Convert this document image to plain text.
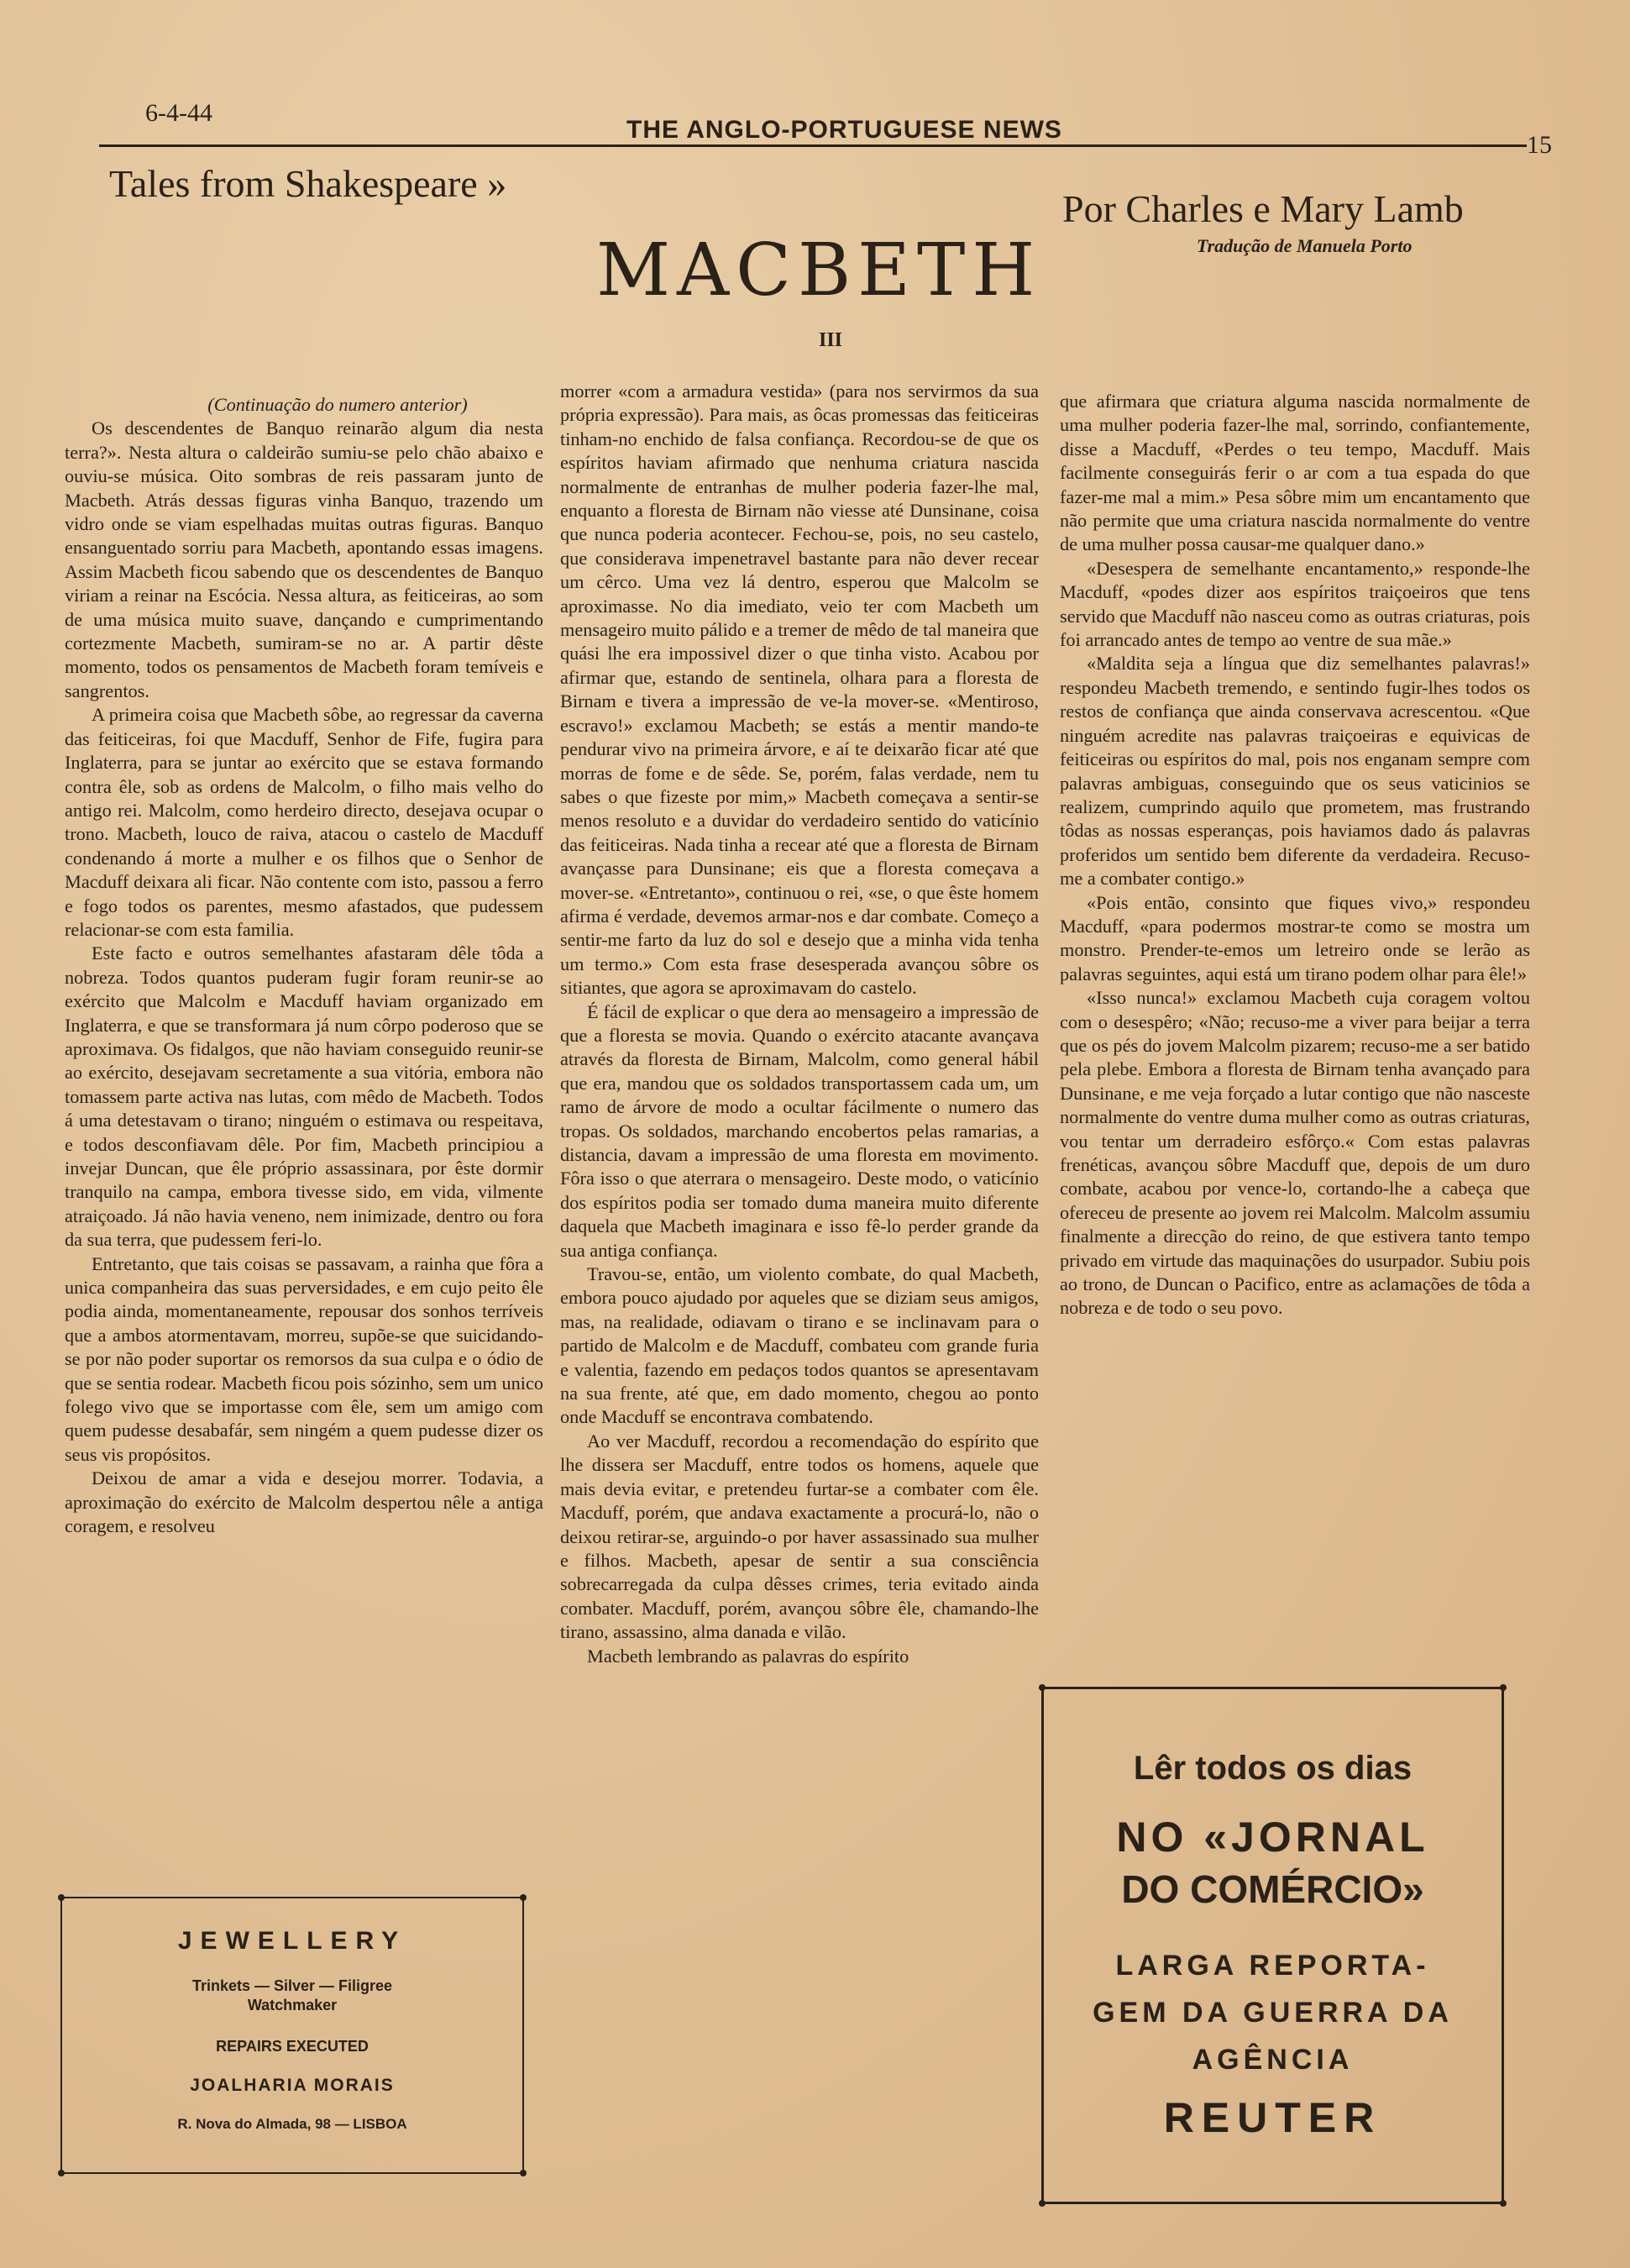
6-4-44
THE ANGLO-PORTUGUESE NEWS
15
Tales from Shakespeare »
Por Charles e Mary Lamb
Tradução de Manuela Porto
MACBETH
III

(Continuação do numero anterior)

Os descendentes de Banquo reinarão algum dia nesta terra?». Nesta altura o caldeirão sumiu-se pelo chão abaixo e ouviu-se música. Oito sombras de reis passaram junto de Macbeth. Atrás dessas figuras vinha Banquo, trazendo um vidro onde se viam espelhadas muitas outras figuras. Banquo ensanguentado sorriu para Macbeth, apontando essas imagens. Assim Macbeth ficou sabendo que os descendentes de Banquo viriam a reinar na Escócia. Nessa altura, as feiticeiras, ao som de uma música muito suave, dançando e cumprimentando cortezmente Macbeth, sumiram-se no ar. A partir dêste momento, todos os pensamentos de Macbeth foram temíveis e sangrentos.

A primeira coisa que Macbeth sôbe, ao regressar da caverna das feiticeiras, foi que Macduff, Senhor de Fife, fugira para Inglaterra, para se juntar ao exército que se estava formando contra êle, sob as ordens de Malcolm, o filho mais velho do antigo rei. Malcolm, como herdeiro directo, desejava ocupar o trono. Macbeth, louco de raiva, atacou o castelo de Macduff condenando á morte a mulher e os filhos que o Senhor de Macduff deixara ali ficar. Não contente com isto, passou a ferro e fogo todos os parentes, mesmo afastados, que pudessem relacionar-se com esta familia.

Este facto e outros semelhantes afastaram dêle tôda a nobreza. Todos quantos puderam fugir foram reunir-se ao exército que Malcolm e Macduff haviam organizado em Inglaterra, e que se transformara já num côrpo poderoso que se aproximava. Os fidalgos, que não haviam conseguido reunir-se ao exército, desejavam secretamente a sua vitória, embora não tomassem parte activa nas lutas, com mêdo de Macbeth. Todos á uma detestavam o tirano; ninguém o estimava ou respeitava, e todos desconfiavam dêle. Por fim, Macbeth principiou a invejar Duncan, que êle próprio assassinara, por êste dormir tranquilo na campa, embora tivesse sido, em vida, vilmente atraiçoado. Já não havia veneno, nem inimizade, dentro ou fora da sua terra, que pudessem feri-lo.

Entretanto, que tais coisas se passavam, a rainha que fôra a unica companheira das suas perversidades, e em cujo peito êle podia ainda, momentaneamente, repousar dos sonhos terríveis que a ambos atormentavam, morreu, supõe-se que suicidando-se por não poder suportar os remorsos da sua culpa e o ódio de que se sentia rodear. Macbeth ficou pois sózinho, sem um unico folego vivo que se importasse com êle, sem um amigo com quem pudesse desabafár, sem ningém a quem pudesse dizer os seus vis propósitos.

Deixou de amar a vida e desejou morrer. Todavia, a aproximação do exército de Malcolm despertou nêle a antiga coragem, e resolveu

morrer «com a armadura vestida» (para nos servirmos da sua própria expressão). Para mais, as ôcas promessas das feiticeiras tinham-no enchido de falsa confiança. Recordou-se de que os espíritos haviam afirmado que nenhuma criatura nascida normalmente de entranhas de mulher poderia fazer-lhe mal, enquanto a floresta de Birnam não viesse até Dunsinane, coisa que nunca poderia acontecer. Fechou-se, pois, no seu castelo, que considerava impenetravel bastante para não dever recear um cêrco. Uma vez lá dentro, esperou que Malcolm se aproximasse. No dia imediato, veio ter com Macbeth um mensageiro muito pálido e a tremer de mêdo de tal maneira que quási lhe era impossivel dizer o que tinha visto. Acabou por afirmar que, estando de sentinela, olhara para a floresta de Birnam e tivera a impressão de ve-la mover-se. «Mentiroso, escravo!» exclamou Macbeth; se estás a mentir mando-te pendurar vivo na primeira árvore, e aí te deixarão ficar até que morras de fome e de sêde. Se, porém, falas verdade, nem tu sabes o que fizeste por mim,» Macbeth começava a sentir-se menos resoluto e a duvidar do verdadeiro sentido do vaticínio das feiticeiras. Nada tinha a recear até que a floresta de Birnam avançasse para Dunsinane; eis que a floresta começava a mover-se. «Entretanto», continuou o rei, «se, o que êste homem afirma é verdade, devemos armar-nos e dar combate. Começo a sentir-me farto da luz do sol e desejo que a minha vida tenha um termo.» Com esta frase desesperada avançou sôbre os sitiantes, que agora se aproximavam do castelo.

É fácil de explicar o que dera ao mensageiro a impressão de que a floresta se movia. Quando o exército atacante avançava através da floresta de Birnam, Malcolm, como general hábil que era, mandou que os soldados transportassem cada um, um ramo de árvore de modo a ocultar fácilmente o numero das tropas. Os soldados, marchando encobertos pelas ramarias, a distancia, davam a impressão de uma floresta em movimento. Fôra isso o que aterrara o mensageiro. Deste modo, o vaticínio dos espíritos podia ser tomado duma maneira muito diferente daquela que Macbeth imaginara e isso fê-lo perder grande da sua antiga confiança.

Travou-se, então, um violento combate, do qual Macbeth, embora pouco ajudado por aqueles que se diziam seus amigos, mas, na realidade, odiavam o tirano e se inclinavam para o partido de Malcolm e de Macduff, combateu com grande furia e valentia, fazendo em pedaços todos quantos se apresentavam na sua frente, até que, em dado momento, chegou ao ponto onde Macduff se encontrava combatendo.

Ao ver Macduff, recordou a recomendação do espírito que lhe dissera ser Macduff, entre todos os homens, aquele que mais devia evitar, e pretendeu furtar-se a combater com êle. Macduff, porém, que andava exactamente a procurá-lo, não o deixou retirar-se, arguindo-o por haver assassinado sua mulher e filhos. Macbeth, apesar de sentir a sua consciência sobrecarregada da culpa dêsses crimes, teria evitado ainda combater. Macduff, porém, avançou sôbre êle, chamando-lhe tirano, assassino, alma danada e vilão.

Macbeth lembrando as palavras do espírito

que afirmara que criatura alguma nascida normalmente de uma mulher poderia fazer-lhe mal, sorrindo, confiantemente, disse a Macduff, «Perdes o teu tempo, Macduff. Mais facilmente conseguirás ferir o ar com a tua espada do que fazer-me mal a mim.» Pesa sôbre mim um encantamento que não permite que uma criatura nascida normalmente do ventre de uma mulher possa causar-me qualquer dano.»

«Desespera de semelhante encantamento,» responde-lhe Macduff, «podes dizer aos espíritos traiçoeiros que tens servido que Macduff não nasceu como as outras criaturas, pois foi arrancado antes de tempo ao ventre de sua mãe.»

«Maldita seja a língua que diz semelhantes palavras!» respondeu Macbeth tremendo, e sentindo fugir-lhes todos os restos de confiança que ainda conservava acrescentou. «Que ninguém acredite nas palavras traiçoeiras e equivicas de feiticeiras ou espíritos do mal, pois nos enganam sempre com palavras ambiguas, conseguindo que os seus vaticinios se realizem, cumprindo aquilo que prometem, mas frustrando tôdas as nossas esperanças, pois haviamos dado ás palavras proferidos um sentido bem diferente da verdadeira. Recuso-me a combater contigo.»

«Pois então, consinto que fiques vivo,» respondeu Macduff, «para podermos mostrar-te como se mostra um monstro. Prender-te-emos um letreiro onde se lerão as palavras seguintes, aqui está um tirano podem olhar para êle!»

«Isso nunca!» exclamou Macbeth cuja coragem voltou com o desespêro; «Não; recuso-me a viver para beijar a terra que os pés do jovem Malcolm pizarem; recuso-me a ser batido pela plebe. Embora a floresta de Birnam tenha avançado para Dunsinane, e me veja forçado a lutar contigo que não nasceste normalmente do ventre duma mulher como as outras criaturas, vou tentar um derradeiro esfôrço.« Com estas palavras frenéticas, avançou sôbre Macduff que, depois de um duro combate, acabou por vence-lo, cortando-lhe a cabeça que ofereceu de presente ao jovem rei Malcolm. Malcolm assumiu finalmente a direcção do reino, de que estivera tanto tempo privado em virtude das maquinações do usurpador. Subiu pois ao trono, de Duncan o Pacifico, entre as aclamações de tôda a nobreza e de todo o seu povo.

JEWELLERY
Trinkets — Silver — Filigree
Watchmaker
REPAIRS EXECUTED
JOALHARIA MORAIS
R. Nova do Almada, 98 — LISBOA
Lêr todos os dias
NO «JORNAL
DO COMÉRCIO»
LARGA REPORTA-
GEM DA GUERRA DA
AGÊNCIA
REUTER
